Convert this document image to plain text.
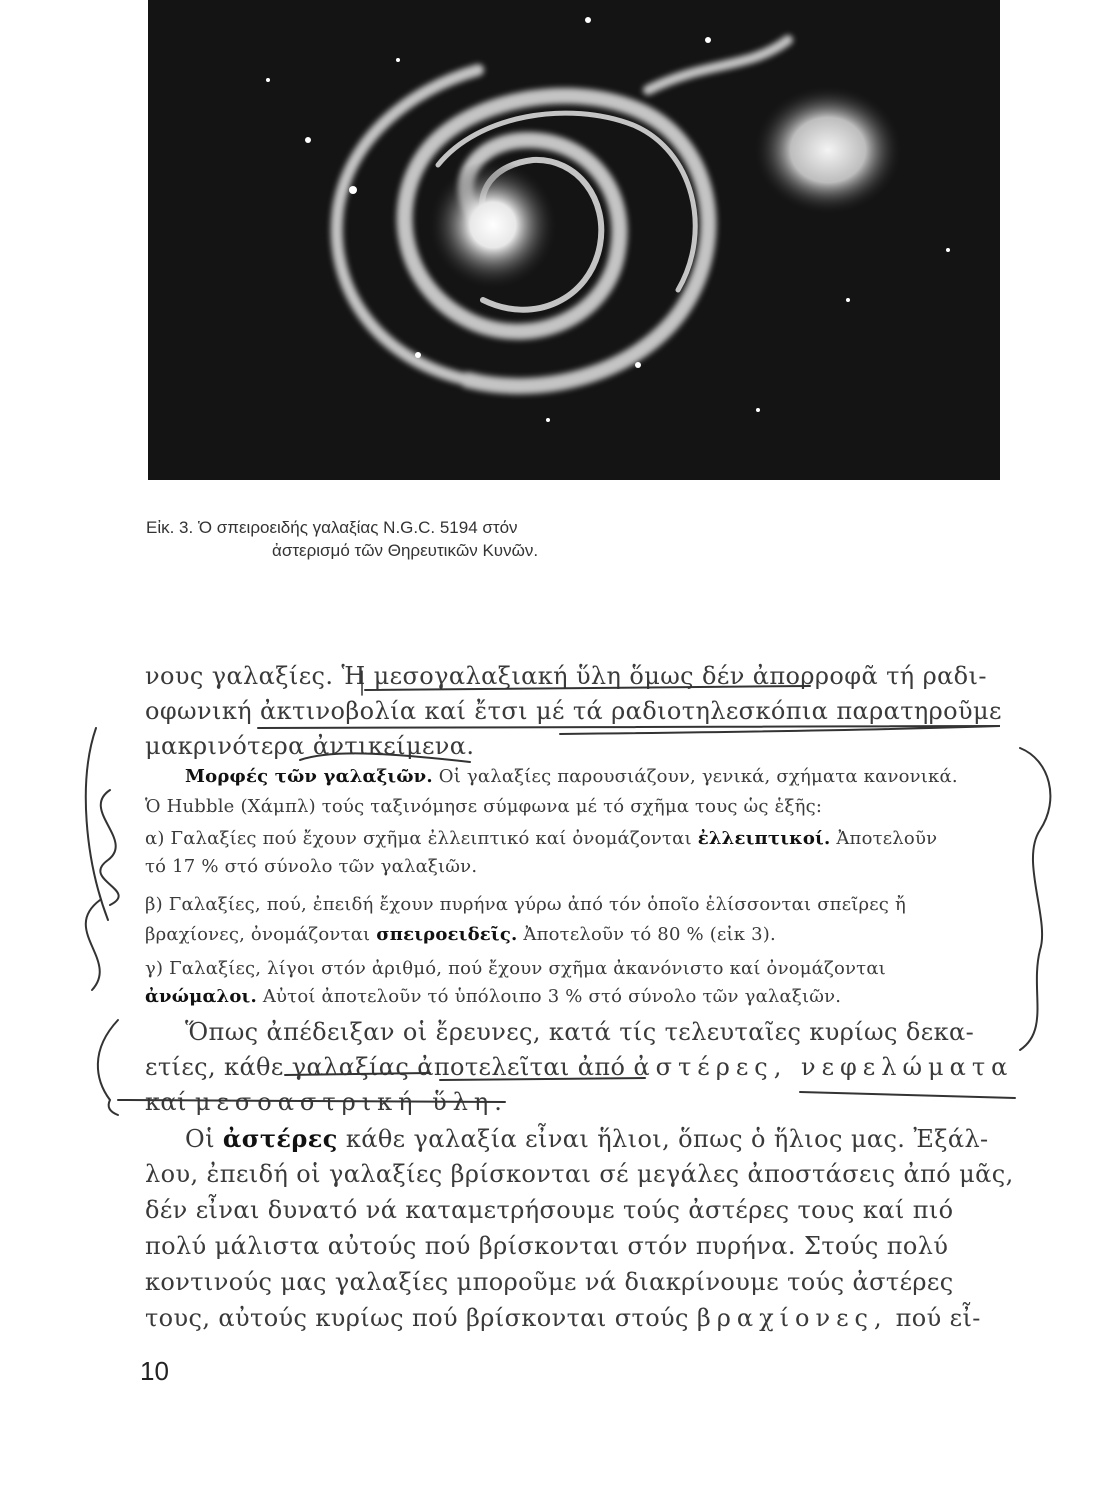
Εἰκ. 3. Ὁ σπειροειδής γαλαξίας N.G.C. 5194 στόν
ἀστερισμό τῶν Θηρευτικῶν Κυνῶν.
νους γαλαξίες. Ἡ μεσογαλαξιακή ὕλη ὅμως δέν ἀπορροφᾶ τή ραδι-
οφωνική ἀκτινοβολία καί ἔτσι μέ τά ραδιοτηλεσκόπια παρατηροῦμε
μακρινότερα ἀντικείμενα.
Μορφές τῶν γαλαξιῶν. Οἱ γαλαξίες παρουσιάζουν, γενικά, σχήματα κανονικά.
Ὁ Hubble (Χάμπλ) τούς ταξινόμησε σύμφωνα μέ τό σχῆμα τους ὡς ἑξῆς:
α) Γαλαξίες πού ἔχουν σχῆμα ἐλλειπτικό καί ὀνομάζονται ἐλλειπτικοί. Ἀποτελοῦν
τό 17 % στό σύνολο τῶν γαλαξιῶν.
β) Γαλαξίες, πού, ἐπειδή ἔχουν πυρήνα γύρω ἀπό τόν ὁποῖο ἑλίσσονται σπεῖρες ἤ
βραχίονες, ὀνομάζονται σπειροειδεῖς. Ἀποτελοῦν τό 80 % (εἰκ 3).
γ) Γαλαξίες, λίγοι στόν ἀριθμό, πού ἔχουν σχῆμα ἀκανόνιστο καί ὀνομάζονται
ἀνώμαλοι. Αὐτοί ἀποτελοῦν τό ὑπόλοιπο 3 % στό σύνολο τῶν γαλαξιῶν.
Ὅπως ἀπέδειξαν οἱ ἔρευνες, κατά τίς τελευταῖες κυρίως δεκα-
ετίες, κάθε γαλαξίας ἀποτελεῖται ἀπό ἀστέρες, νεφελώματα
καί μεσοαστρική ὕλη.
Οἱ ἀστέρες κάθε γαλαξία εἶναι ἥλιοι, ὅπως ὁ ἥλιος μας. Ἐξάλ-
λου, ἐπειδή οἱ γαλαξίες βρίσκονται σέ μεγάλες ἀποστάσεις ἀπό μᾶς,
δέν εἶναι δυνατό νά καταμετρήσουμε τούς ἀστέρες τους καί πιό
πολύ μάλιστα αὐτούς πού βρίσκονται στόν πυρήνα. Στούς πολύ
κοντινούς μας γαλαξίες μποροῦμε νά διακρίνουμε τούς ἀστέρες
τους, αὐτούς κυρίως πού βρίσκονται στούς βραχίονες, πού εἶ-
10
